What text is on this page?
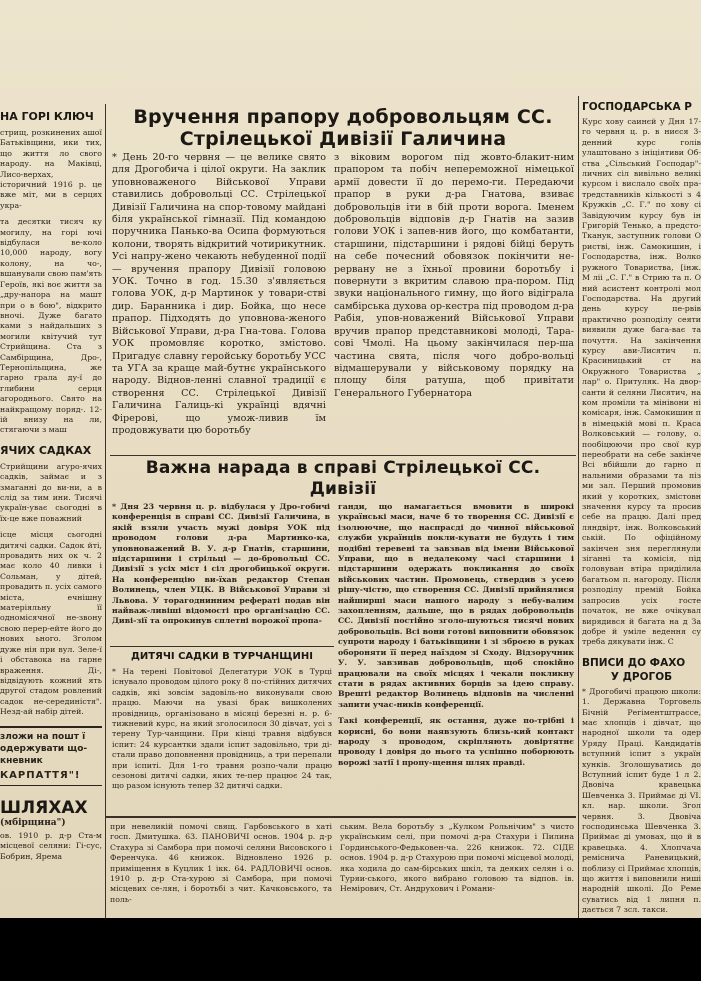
НА ГОРІ КЛЮЧ
стрищ, розкинених ашої Батьківщини, ики тих, що життя ло свого народу. на Маківці, Лисо-верхах, історичний 1916 р. це вже міт, ми в серцях укра-
та десятки тисяч ку могилу, на горі ючі відбулася ве-коло 10,000 народу, вогу колону, на чо-, вшанували свою пам'ять Героїв, які воє життя за „дру-напора на машт при о в бою", відкрито вночі. Дуже багато ками з найдальших з могили квітучий тут Стрийщина. Ста з Самбірщина, Дро-, Тернопільщина, жe гарно грала ду-ї до глибини серця агороднього. Свято на найкращому поряд-. 12-ій внизу на ли, стягаючи з маш
ЯЧИХ САДКАХ
Стрийщини агуро-ячих садків, займає и з змаганні до ви-ни, а в слід за тим ини. Тисячі україн-уває сьогодні в їх-це вже поважний
ісце місця сьогодні дитячі садки. Садок йті, провадить них ок ч. 2 має коло 40 ливки і Сольман, у дітей, провадить п. усіх самого міста, ечнішну матеріяльну її одномісячної не-звону свою перер-ейте його до нових ьного. Зголом дуже нія при вул. Зеле-ї і обставока на гарне враження. Ді-, відвідують кожний ять другої стадом ровлений садок не-серединістя". Незд-ай набір дітей.
злoжи на пошт ї одержувати що-кневник
КАРПАТТЯ"!
ШЛЯХАХ
(мбірщина")
ов. 1910 р. д-р Ста-м місцевої селяни: Гі-сус, Бобрин, Ярема
Вручення прапору добровольцям СС. Стрілецької Дивізії Галичина
* День 20-го червня — це велике свято для Дрогобича і цілої округи. На заклик уповноваженого Військової Управи ставились добровольці СС. Стрілецької Дивізії Галичина на спор-товому майдані біля української гімназії. Під командою поручника Панько-ва Осипа формуються колони, творять відкритий чотирикутник. Усі напру-жено чекають небуденної події — вручення прапору Дивізії головою УОК. Точно в год. 15.30 з'являється голова УОК, д-р Мартинок у товари-стві дир. Баранника і дир. Бойка, що несе прапор. Підходять до уповнова-женого Військової Управи, д-ра Гна-това. Голова УОК промовляє коротко, змістово. Пригадує славну геройську боротьбу УСС та УГА за краще май-бутнє українського народу. Віднов-ленні славної традиції є створення СС. Стрілецької Дивізії Галичина Галиць-кі українці вдячні Фірерові, що умож-ливив їм продовжувати цю боротьбу
з віковим ворогом під жовто-блакит-ним прапором та побіч непереможної німецької армії довести її до перемо-ги. Передаючи прапор в руки д-ра Гнатова, взиває добровольців іти в бій проти ворога. Іменем добровольців відповів д-р Гнатів на зазив голови УОК і запев-нив його, що комбатанти, старшини, підстаршини і рядові бійці беруть на себе почесний обовязок покінчити не-рервану не з їхньої провини боротьбу і повернути з вкритим славою пра-пором. Під звуки національного гимну, що його відіграла самбірська духова ор-кестра під проводом д-ра Рабія, упов-новажений Військової Управи вручив прапор представникові молоді, Тара-сові Чмолі. На цьому закінчилася пер-ша частина свята, після чого добро-вольці відмашерували у військовому порядку на площу біля ратуша, щоб привітати Генерального Губернатора
Важна нарада в справі Стрілецької СС. Дивізії
* Дня 23 червня ц. р. відбулася у Дро-гобичі конференція в справі СС. Дивізії Галичина, в якій взяли участь мужі довіря УОК під проводом голови д-ра Мартинко-ка, уповноважений В. У. д-р Гнатів, старшини, підстаршини і стрільці — до-бровольці СС. Дивізії з усіх міст і сіл дрогобицької округи. На конференцію ви-їхав редактор Степан Волинець, член УЦК. В Військової Управи зі Львова. У торагоднинним рефераті подав він найваж-ливіші відомості про організацію СС. Диві-зії та опрокинув сплетні ворожої пропа-
ганди, що намагається вмовити в широкі українські маси, наче б то творення СС. Дивізії є ізолюючне, що наспрасді до чинної військової служби українців покли-кувати не будуть і тим подібні теревені та завзвав від імени Військової Управи, що в недалекому часі старшини і підстаршини одержать покликання до своїх військових частин. Промовець, ствердив з усею рішу-чістю, що створення СС. Дивізії прийнялися найширші маси нашого народу з небу-валим захопленням, дальше, що в рядах добровольців СС. Дивізії постійно зголо-шуються тисячі нових добровольців. Всі вони готові виповнити обовязок супроти народу і батьківщини і зі зброєю в руках обороняти її перед наїздом зі Сходу. Відзоручник У. У. завзивав добровольців, щоб спокійно працювали на своїх місцях і чекали покликну стати в рядах активних борців за ідею справу. Врешті редактор Волинець відповів на численні запити учас-ників конференції.
Такі конференції, як остання, дуже по-трібні і корисні, бо вони наявзують близь-кий контакт народу з проводом, скріпляють довіртятнє проводу і довіря до нього та успішно поборюють ворожі затії і пропу-щення шлях правді.
ДИТЯЧІ САДКИ В ТУРЧАНЩИНІ
* На терені Повітової Делегатури УОК в Турці існувало проводом цілого року 8 по-стійних дитячих садків, які зовсім задовіль-но виконували свою працю. Маючи на увазі брак вишколених провідниць, організовано в місяці березні н. р. 6-тижневий курс, на який зголосилося 30 дівчат, усі з терену Тур-чанщини. При кінці травня відбувся іспит: 24 курсантки здали іспит задовільно, три ді-стали право доповнення провідниць, а три перепали при іспиті. Для 1-го травня розпо-чали працю сезонові дитячі садки, яких те-пер працює 24 так, що разом існують тепер 32 дитячі садки.
при невеликій помочі свящ. Гарбовського в хаті госп. Дмитушка. 63. ПАНОВИЧІ основ. 1904 р. д-р Стахура зі Самбора при помочі селяни Висовского і Ференчука. 46 книжок. Відновлено 1926 р. приміщення в Куцлик 1 ікк. 64. РАДЛОВИЧІ основ. 1910 р. д-р Ста-хурою зі Самбора, при помочі місцевих се-лян, і боротьбі з чит. Качковського, та поль-
ським. Вела боротьбу з „Кулком Рольнічим" з чисто українським селі, при помочі д-ра Стахури і Пилина Гординського-Федьковен-ча. 226 книжок. 72. СІДЕ основ. 1904 р. д-р Стахурою при помочі місцевої молоді, яка ходила до сам-бірських шкіл, та деяких селян і о. Туряи-ського, якого вибрано головою та відпов. ів. Немірович, Ст. Андрухович і Романи-
ГОСПОДАРСЬКА Р
Курс хову саинєй у Дня 17-го червня ц. р. в ниєся 3-денний курс голів улаштовано з ініціятиви Об-ства „Сільський Господар"-личних сіл вивільно великі курсом і вислало своїх пра-тредставників кількості з 4 Кружків „С. Г." по хову сі Завідуючим курсу був ін Григорій Тенько, а предсто-Тканук, заступник голови О ристві, інж. Самокишин, і Господарства, інж. Волко ружного Товариства, [інж. М ліі „С. Г." в Стрию та п. О ний асистент контролі мол Господарства. На другий день курсу пе-рвів практично розподілу сеяти виявили дуже бага-ває та почуття. На закінчення курсу ави-Лисятич п. Красиницький ст на Окружного Товариства „ лар" о. Притуляк. На двор-санти й селяни Лисятич, на ком проміли та мінівони ні комісаря, інж. Самокишин п в німецькій мові п. Краса Волковський — голову, о. пообіцюючи про свої кур переобрати на себе закінче Всі вбійшли до гарно п нальними образами та піз ми зал. Перший промовив який у коротких, змістовн значення курсу та просив себе на працю. Далі пред ляндвірт, інж. Волковський ській. По офіційному закінчен зня переглянули зіганні та комісія, під головуван втіра приділила багатьом п. нагороду. Після розподілу премій Бойка запросив усіх госте початок, не вже очікувал вирядився й багата на д За добре й уміле ведення су треба дякувати інж. С
ВПИСИ ДО ФАХО
У ДРОГОБ
* Дрогобичі працюю школи: 1. Державна Торговель Бічній Регіментштрассе, має хлопців і дівчат, що народної школи та одер Уряду Праці. Кандидатів вступний іспит з україн хунків. Зголошуватись до Вступний іспит буде 1 л 2. Двовіча кравецька Шевченка 3. Приймає ді VI. кл. нар. школи. Згол червня. 3. Двовіча господинська Шевченка 3. Приймає ді умовах, що й в кравецька. 4. Хлопчача реміснича Раневицький, поблизу сі Приймає хлопців, що життя і виповнили ниші народній школі. До Реме суватись від 1 липня п. дається 7 зсл. такси.
